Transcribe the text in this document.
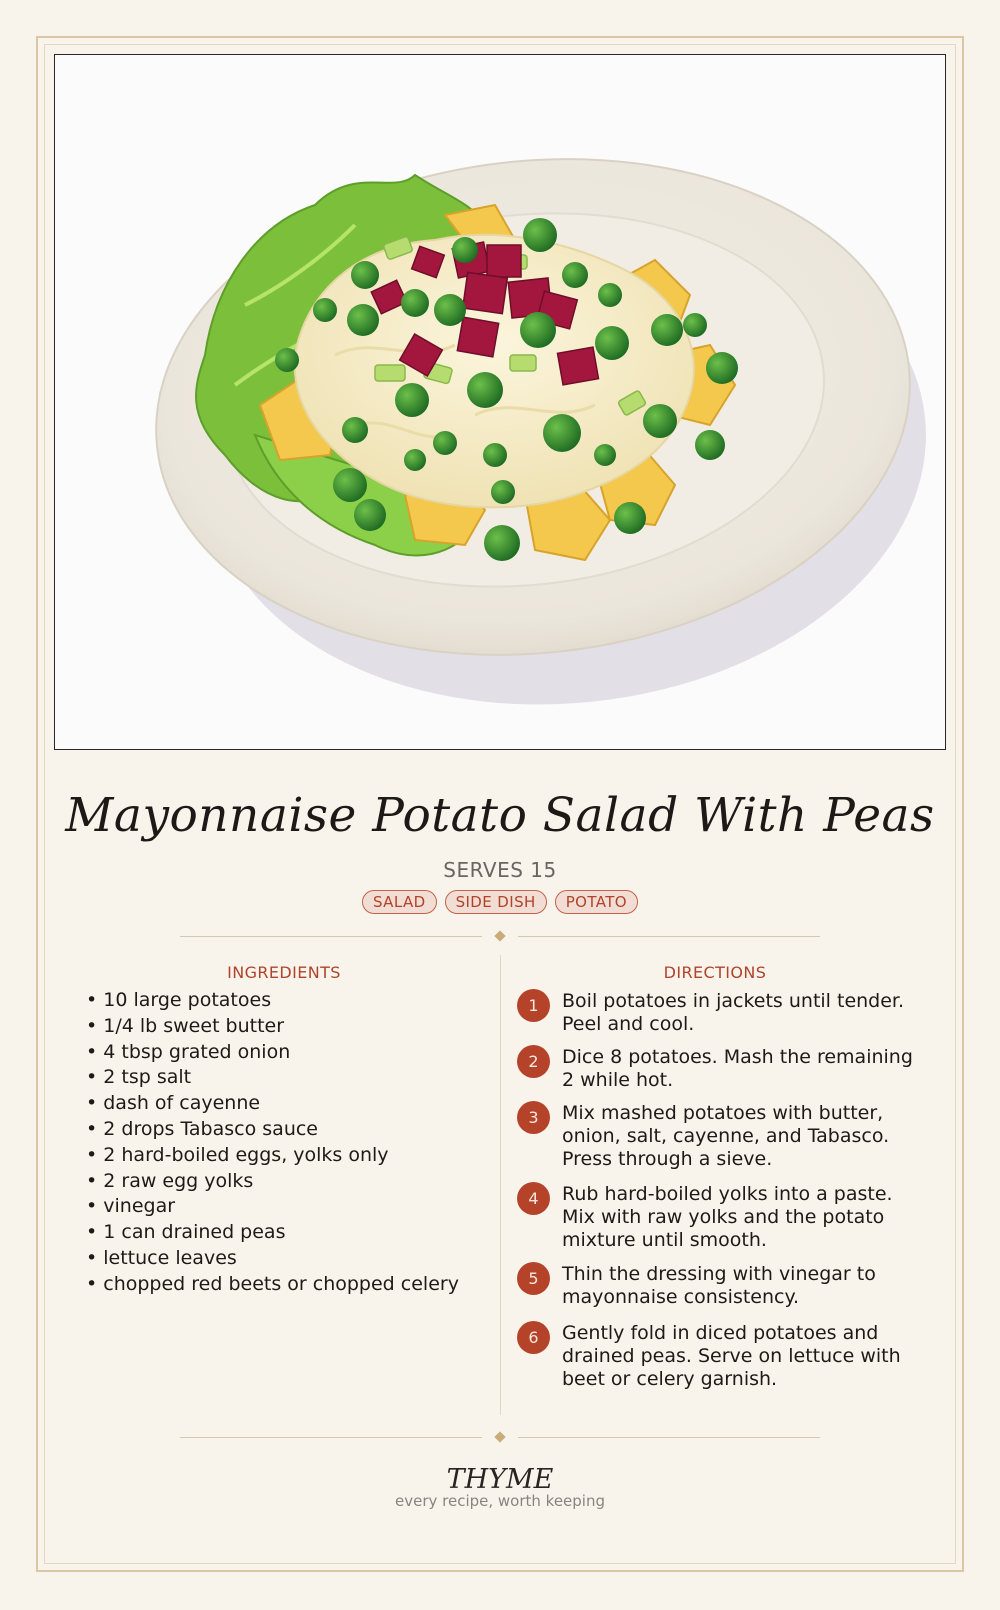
Mayonnaise Potato Salad With Peas
SERVES 15
SALAD	SIDE DISH	POTATO
INGREDIENTS
• 10 large potatoes
• 1/4 lb sweet butter
• 4 tbsp grated onion
• 2 tsp salt
• dash of cayenne
• 2 drops Tabasco sauce
• 2 hard-boiled eggs, yolks only
• 2 raw egg yolks
• vinegar
• 1 can drained peas
• lettuce leaves
• chopped red beets or chopped celery
DIRECTIONS
1	Boil potatoes in jackets until tender. Peel and cool.
2	Dice 8 potatoes. Mash the remaining 2 while hot.
3	Mix mashed potatoes with butter, onion, salt, cayenne, and Tabasco. Press through a sieve.
4	Rub hard-boiled yolks into a paste. Mix with raw yolks and the potato mixture until smooth.
5	Thin the dressing with vinegar to mayonnaise consistency.
6	Gently fold in diced potatoes and drained peas. Serve on lettuce with beet or celery garnish.
THYME
every recipe, worth keeping
